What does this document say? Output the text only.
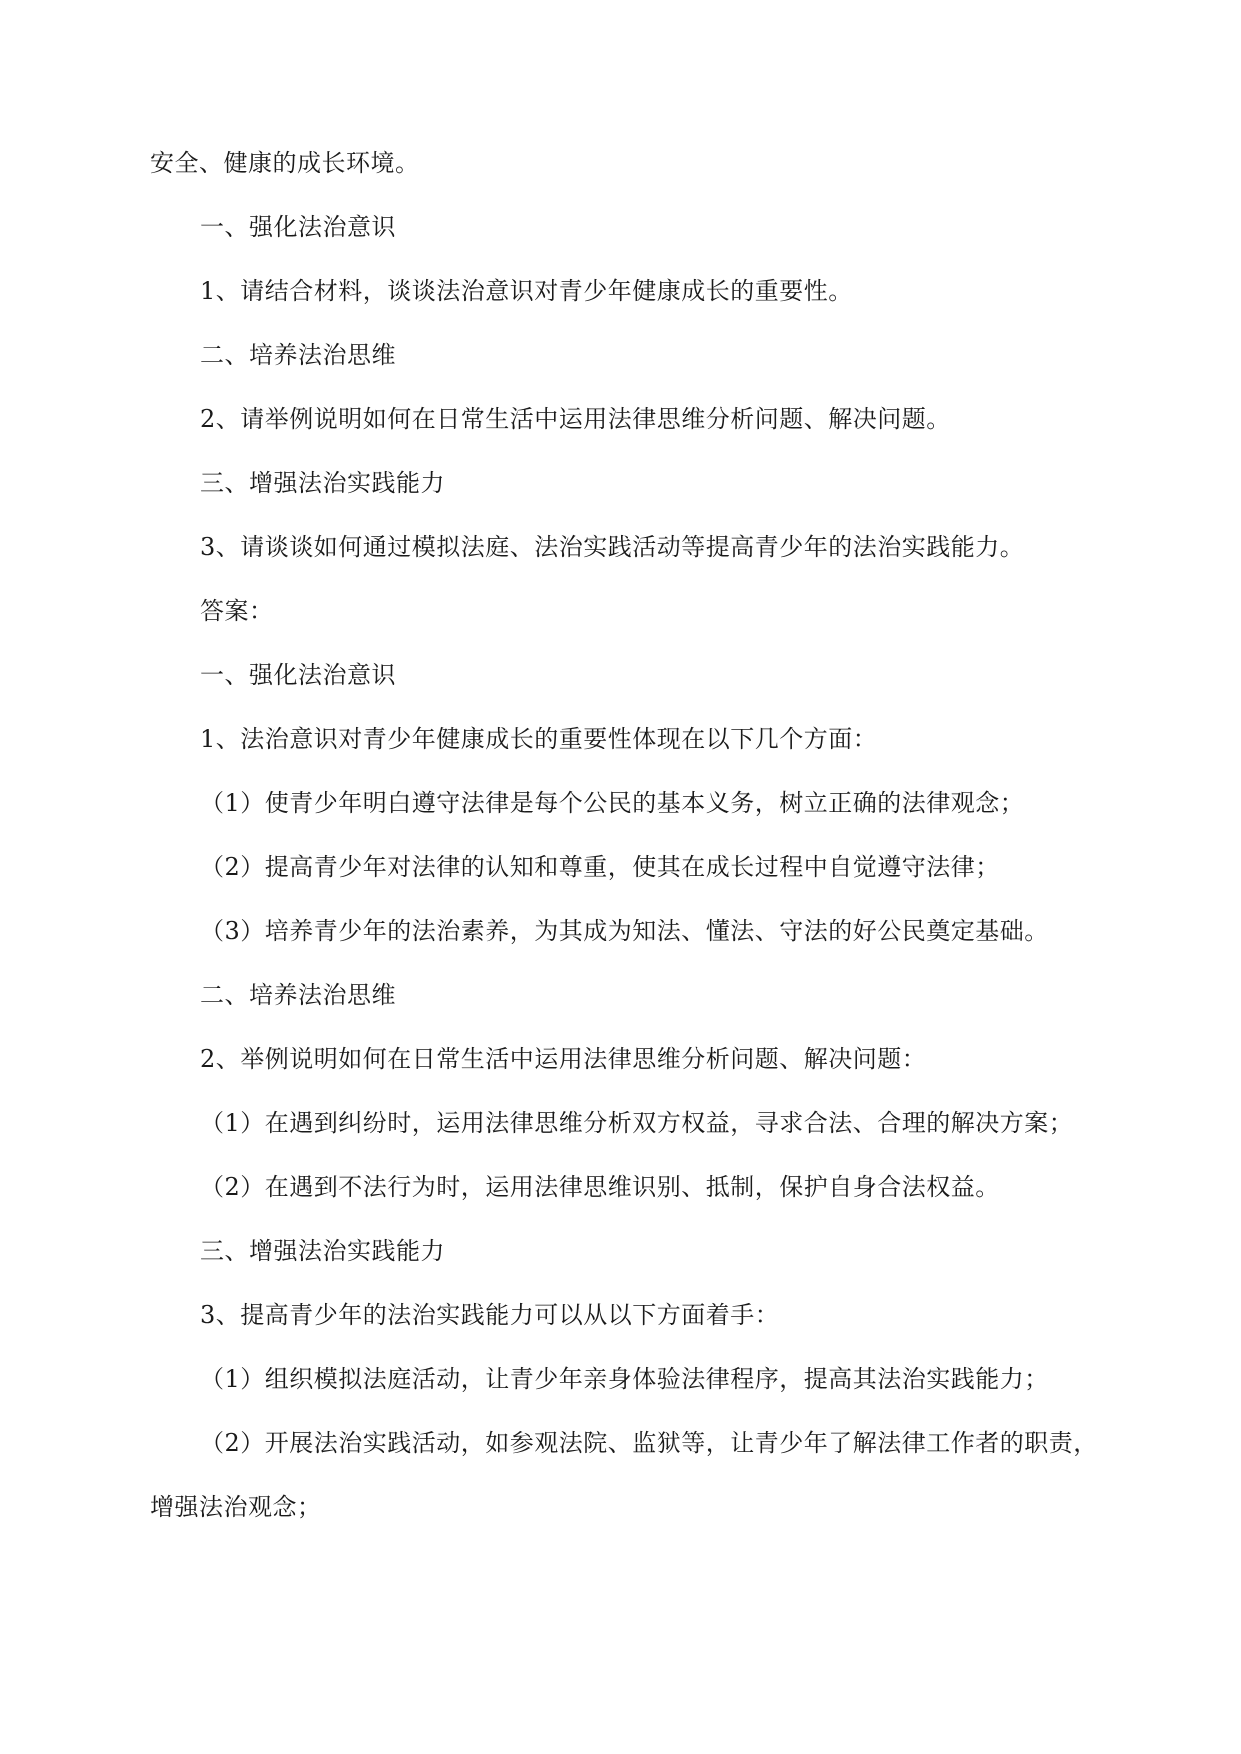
安全、健康的成长环境。
一、强化法治意识
1、请结合材料，谈谈法治意识对青少年健康成长的重要性。
二、培养法治思维
2、请举例说明如何在日常生活中运用法律思维分析问题、解决问题。
三、增强法治实践能力
3、请谈谈如何通过模拟法庭、法治实践活动等提高青少年的法治实践能力。
答案：
一、强化法治意识
1、法治意识对青少年健康成长的重要性体现在以下几个方面：
（1）使青少年明白遵守法律是每个公民的基本义务，树立正确的法律观念；
（2）提高青少年对法律的认知和尊重，使其在成长过程中自觉遵守法律；
（3）培养青少年的法治素养，为其成为知法、懂法、守法的好公民奠定基础。
二、培养法治思维
2、举例说明如何在日常生活中运用法律思维分析问题、解决问题：
（1）在遇到纠纷时，运用法律思维分析双方权益，寻求合法、合理的解决方案；
（2）在遇到不法行为时，运用法律思维识别、抵制，保护自身合法权益。
三、增强法治实践能力
3、提高青少年的法治实践能力可以从以下方面着手：
（1）组织模拟法庭活动，让青少年亲身体验法律程序，提高其法治实践能力；
（2）开展法治实践活动，如参观法院、监狱等，让青少年了解法律工作者的职责，
增强法治观念；
